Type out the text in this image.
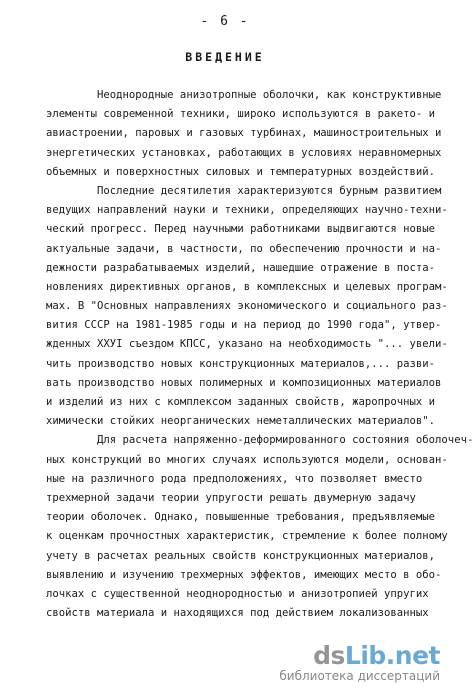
- 6 -
ВВЕДЕНИЕ
Неоднородные анизотропные оболочки, как конструктивные
элементы современной техники, широко используются в ракето- и
авиастроении, паровых и газовых турбинах, машиностроительных и
энергетических установках, работающих в условиях неравномерных
объемных и поверхностных силовых и температурных воздействий.
Последние десятилетия характеризуются бурным развитием
ведущих направлений науки и техники, определяющих научно-техни-
ческий прогресс. Перед научными работниками выдвигаются новые
актуальные задачи, в частности, по обеспечению прочности и на-
дежности разрабатываемых изделий, нашедшие отражение в поста-
новлениях директивных органов, в комплексных и целевых програм-
мах. В "Основных направлениях экономического и социального раз-
вития СССР на 1981-1985 годы и на период до 1990 года", утвер-
жденных XXУI съездом КПСС, указано на необходимость "... увели-
чить производство новых конструкционных материалов,... разви-
вать производство новых полимерных и композиционных материалов
и изделий из них с комплексом заданных свойств, жаропрочных и
химически стойких неорганических неметаллических материалов".
Для расчета напряженно-деформированного состояния оболочеч-
ных конструкций во многих случаях используются модели, основан-
ные на различного рода предположениях, что позволяет вместо
трехмерной задачи теории упругости решать двумерную задачу
теории оболочек. Однако, повышенные требования, предъявляемые
к оценкам прочностных характеристик, стремление к более полному
учету в расчетах реальных свойств конструкционных материалов,
выявлению и изучению трехмерных эффектов, имеющих место в обо-
лочках с существенной неоднородностью и анизотропией упругих
свойств материала и находящихся под действием локализованных
dsLib.net
библиотека диссертаций
